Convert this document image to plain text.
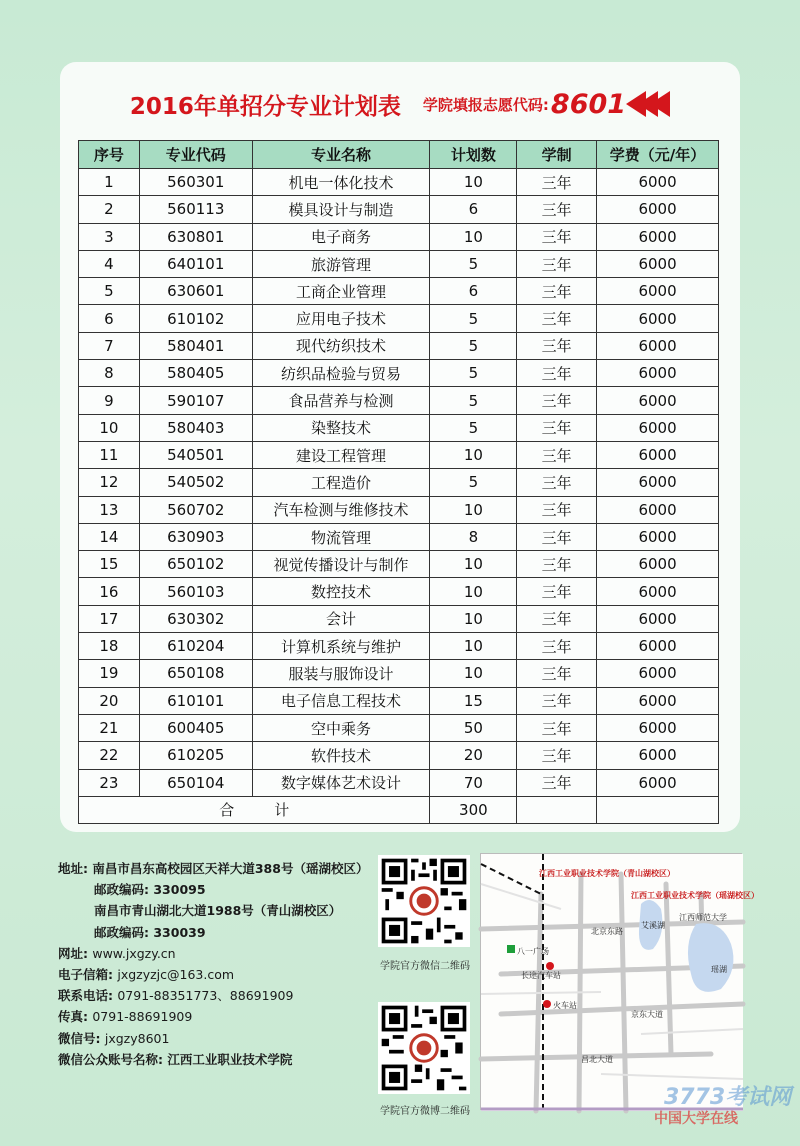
2016年单招分专业计划表 学院填报志愿代码: 8601
序号	专业代码	专业名称	计划数	学制	学费（元/年）
1	560301	机电一体化技术	10	三年	6000
2	560113	模具设计与制造	6	三年	6000
3	630801	电子商务	10	三年	6000
4	640101	旅游管理	5	三年	6000
5	630601	工商企业管理	6	三年	6000
6	610102	应用电子技术	5	三年	6000
7	580401	现代纺织技术	5	三年	6000
8	580405	纺织品检验与贸易	5	三年	6000
9	590107	食品营养与检测	5	三年	6000
10	580403	染整技术	5	三年	6000
11	540501	建设工程管理	10	三年	6000
12	540502	工程造价	5	三年	6000
13	560702	汽车检测与维修技术	10	三年	6000
14	630903	物流管理	8	三年	6000
15	650102	视觉传播设计与制作	10	三年	6000
16	560103	数控技术	10	三年	6000
17	630302	会计	10	三年	6000
18	610204	计算机系统与维护	10	三年	6000
19	650108	服装与服饰设计	10	三年	6000
20	610101	电子信息工程技术	15	三年	6000
21	600405	空中乘务	50	三年	6000
22	610205	软件技术	20	三年	6000
23	650104	数字媒体艺术设计	70	三年	6000
合 计			300		
地址: 南昌市昌东高校园区天祥大道388号（瑶湖校区）
邮政编码: 330095
南昌市青山湖北大道1988号（青山湖校区）
邮政编码: 330039
网址: www.jxgzy.cn
电子信箱: jxgzyzjc@163.com
联系电话: 0791-88351773、88691909
传真: 0791-88691909
微信号: jxgzy8601
微信公众账号名称: 江西工业职业技术学院
学院官方微信二维码
学院官方微博二维码
江西工业职业技术学院（青山湖校区）
江西工业职业技术学院（瑶湖校区）
八一广场
长途汽车站
火车站
江西师范大学
瑶湖
艾溪湖
北京东路
京东大道
昌北大道
3773考试网
中国大学在线
